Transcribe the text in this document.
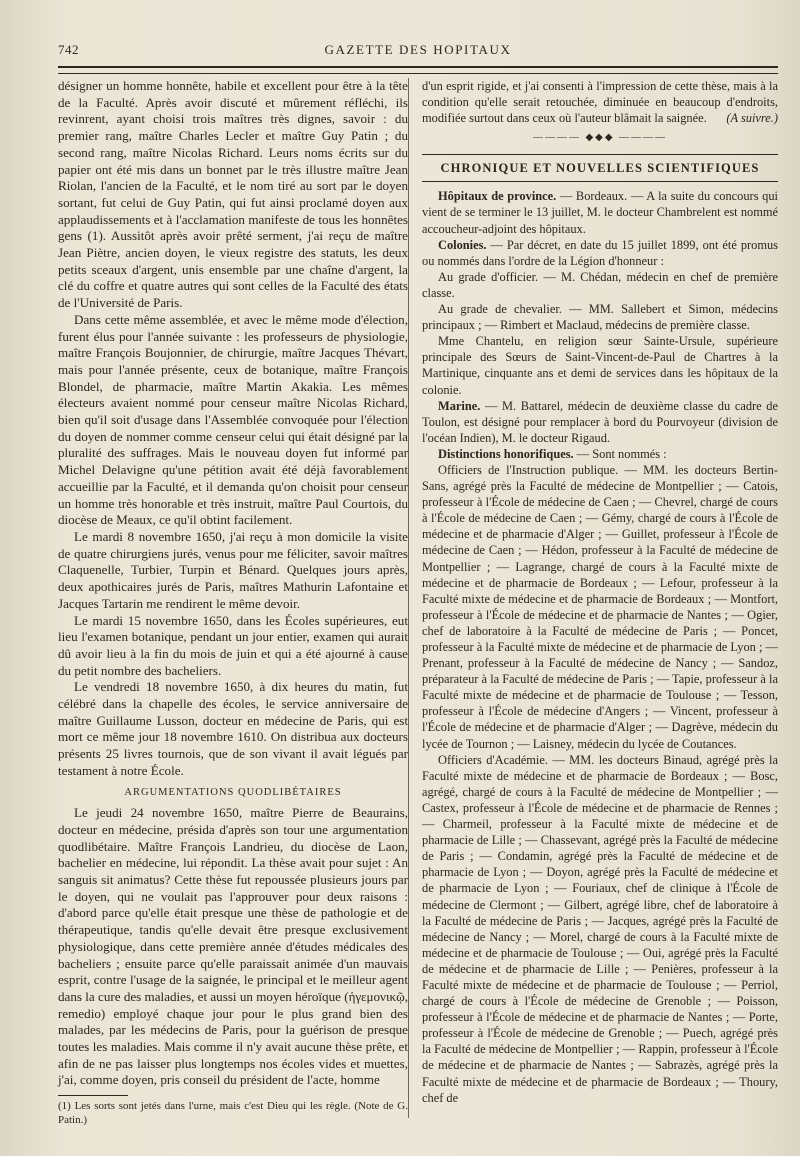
742	GAZETTE DES HOPITAUX

désigner un homme honnête, habile et excellent pour être à la tête de la Faculté. Après avoir discuté et mûrement réfléchi, ils revinrent, ayant choisi trois maîtres très dignes, savoir : du premier rang, maître Charles Lecler et maître Guy Patin ; du second rang, maître Nicolas Richard. Leurs noms écrits sur du papier ont été mis dans un bonnet par le très illustre maître Jean Riolan, l'ancien de la Faculté, et le nom tiré au sort par le doyen sortant, fut celui de Guy Patin, qui fut ainsi proclamé doyen aux applaudissements et à l'acclamation manifeste de tous les honnêtes gens (1). Aussitôt après avoir prêté serment, j'ai reçu de maître Jean Piètre, ancien doyen, le vieux registre des statuts, les deux petits sceaux d'argent, unis ensemble par une chaîne d'argent, la clé du coffre et quatre autres qui sont celles de la Faculté des états de l'Université de Paris.

Dans cette même assemblée, et avec le même mode d'élection, furent élus pour l'année suivante : les professeurs de physiologie, maître François Boujonnier, de chirurgie, maître Jacques Thévart, mais pour l'année présente, ceux de botanique, maître François Blondel, de pharmacie, maître Martin Akakia. Les mêmes électeurs avaient nommé pour censeur maître Nicolas Richard, bien qu'il soit d'usage dans l'Assemblée convoquée pour l'élection du doyen de nommer comme censeur celui qui était désigné par la pluralité des suffrages. Mais le nouveau doyen fut informé par Michel Delavigne qu'une pétition avait été déjà favorablement accueillie par la Faculté, et il demanda qu'on choisit pour censeur un homme très honorable et très instruit, maître Paul Courtois, du diocèse de Meaux, ce qu'il obtint facilement.

Le mardi 8 novembre 1650, j'ai reçu à mon domicile la visite de quatre chirurgiens jurés, venus pour me féliciter, savoir maîtres Claquenelle, Turbier, Turpin et Bénard. Quelques jours après, deux apothicaires jurés de Paris, maîtres Mathurin Lafontaine et Jacques Tartarin me rendirent le même devoir.

Le mardi 15 novembre 1650, dans les Écoles supérieures, eut lieu l'examen botanique, pendant un jour entier, examen qui aurait dû avoir lieu à la fin du mois de juin et qui a été ajourné à cause du petit nombre des bacheliers.

Le vendredi 18 novembre 1650, à dix heures du matin, fut célébré dans la chapelle des écoles, le service anniversaire de maître Guillaume Lusson, docteur en médecine de Paris, qui est mort ce même jour 18 novembre 1610. On distribua aux docteurs présents 25 livres tournois, que de son vivant il avait légués par testament à notre École.

ARGUMENTATIONS QUODLIBÉTAIRES

Le jeudi 24 novembre 1650, maître Pierre de Beaurains, docteur en médecine, présida d'après son tour une argumentation quodlibétaire. Maître François Landrieu, du diocèse de Laon, bachelier en médecine, lui répondit. La thèse avait pour sujet : An sanguis sit animatus? Cette thèse fut repoussée plusieurs jours par le doyen, qui ne voulait pas l'approuver pour deux raisons : d'abord parce qu'elle était presque une thèse de pathologie et de thérapeutique, tandis qu'elle devait être presque exclusivement physiologique, dans cette première année d'études médicales des bacheliers ; ensuite parce qu'elle paraissait animée d'un mauvais esprit, contre l'usage de la saignée, le principal et le meilleur agent dans la cure des maladies, et aussi un moyen héroïque (ἡγεμονικῷ, remedio) employé chaque jour pour le plus grand bien des malades, par les médecins de Paris, pour la guérison de presque toutes les maladies. Mais comme il n'y avait aucune thèse prête, et afin de ne pas laisser plus longtemps nos écoles vides et muettes, j'ai, comme doyen, pris conseil du président de l'acte, homme

(1) Les sorts sont jetés dans l'urne, mais c'est Dieu qui les règle. (Note de G. Patin.)

d'un esprit rigide, et j'ai consenti à l'impression de cette thèse, mais à la condition qu'elle serait retouchée, diminuée en beaucoup d'endroits, modifiée surtout dans ceux où l'auteur blâmait la saignée. (A suivre.)

———— ◆◆◆ ————
CHRONIQUE ET NOUVELLES SCIENTIFIQUES

Hôpitaux de province. — Bordeaux. — A la suite du concours qui vient de se terminer le 13 juillet, M. le docteur Chambrelent est nommé accoucheur-adjoint des hôpitaux.

Colonies. — Par décret, en date du 15 juillet 1899, ont été promus ou nommés dans l'ordre de la Légion d'honneur :

Au grade d'officier. — M. Chédan, médecin en chef de première classe.

Au grade de chevalier. — MM. Sallebert et Simon, médecins principaux ; — Rimbert et Maclaud, médecins de première classe.

Mme Chantelu, en religion sœur Sainte-Ursule, supérieure principale des Sœurs de Saint-Vincent-de-Paul de Chartres à la Martinique, cinquante ans et demi de services dans les hôpitaux de la colonie.

Marine. — M. Battarel, médecin de deuxième classe du cadre de Toulon, est désigné pour remplacer à bord du Pourvoyeur (division de l'océan Indien), M. le docteur Rigaud.

Distinctions honorifiques. — Sont nommés :

Officiers de l'Instruction publique. — MM. les docteurs Bertin-Sans, agrégé près la Faculté de médecine de Montpellier ; — Catois, professeur à l'École de médecine de Caen ; — Chevrel, chargé de cours à l'École de médecine de Caen ; — Gémy, chargé de cours à l'École de médecine et de pharmacie d'Alger ; — Guillet, professeur à l'École de médecine de Caen ; — Hédon, professeur à la Faculté de médecine de Montpellier ; — Lagrange, chargé de cours à la Faculté mixte de médecine et de pharmacie de Bordeaux ; — Lefour, professeur à la Faculté mixte de médecine et de pharmacie de Bordeaux ; — Montfort, professeur à l'École de médecine et de pharmacie de Nantes ; — Ogier, chef de laboratoire à la Faculté de médecine de Paris ; — Poncet, professeur à la Faculté mixte de médecine et de pharmacie de Lyon ; — Prenant, professeur à la Faculté de médecine de Nancy ; — Sandoz, préparateur à la Faculté de médecine de Paris ; — Tapie, professeur à la Faculté mixte de médecine et de pharmacie de Toulouse ; — Tesson, professeur à l'École de médecine d'Angers ; — Vincent, professeur à l'École de médecine et de pharmacie d'Alger ; — Dagrève, médecin du lycée de Tournon ; — Laisney, médecin du lycée de Coutances.

Officiers d'Académie. — MM. les docteurs Binaud, agrégé près la Faculté mixte de médecine et de pharmacie de Bordeaux ; — Bosc, agrégé, chargé de cours à la Faculté de médecine de Montpellier ; — Castex, professeur à l'École de médecine et de pharmacie de Rennes ; — Charmeil, professeur à la Faculté mixte de médecine et de pharmacie de Lille ; — Chassevant, agrégé près la Faculté de médecine de Paris ; — Condamin, agrégé près la Faculté de médecine et de pharmacie de Lyon ; — Doyon, agrégé près la Faculté de médecine et de pharmacie de Lyon ; — Fouriaux, chef de clinique à l'École de médecine de Clermont ; — Gilbert, agrégé libre, chef de laboratoire à la Faculté de médecine de Paris ; — Jacques, agrégé près la Faculté de médecine de Nancy ; — Morel, chargé de cours à la Faculté mixte de médecine et de pharmacie de Toulouse ; — Oui, agrégé près la Faculté de médecine et de pharmacie de Lille ; — Penières, professeur à la Faculté mixte de médecine et de pharmacie de Toulouse ; — Perriol, chargé de cours à l'École de médecine de Grenoble ; — Poisson, professeur à l'École de médecine et de pharmacie de Nantes ; — Porte, professeur à l'École de médecine de Grenoble ; — Puech, agrégé près la Faculté de médecine de Montpellier ; — Rappin, professeur à l'École de médecine et de pharmacie de Nantes ; — Sabrazès, agrégé près la Faculté mixte de médecine et de pharmacie de Bordeaux ; — Thoury, chef de
